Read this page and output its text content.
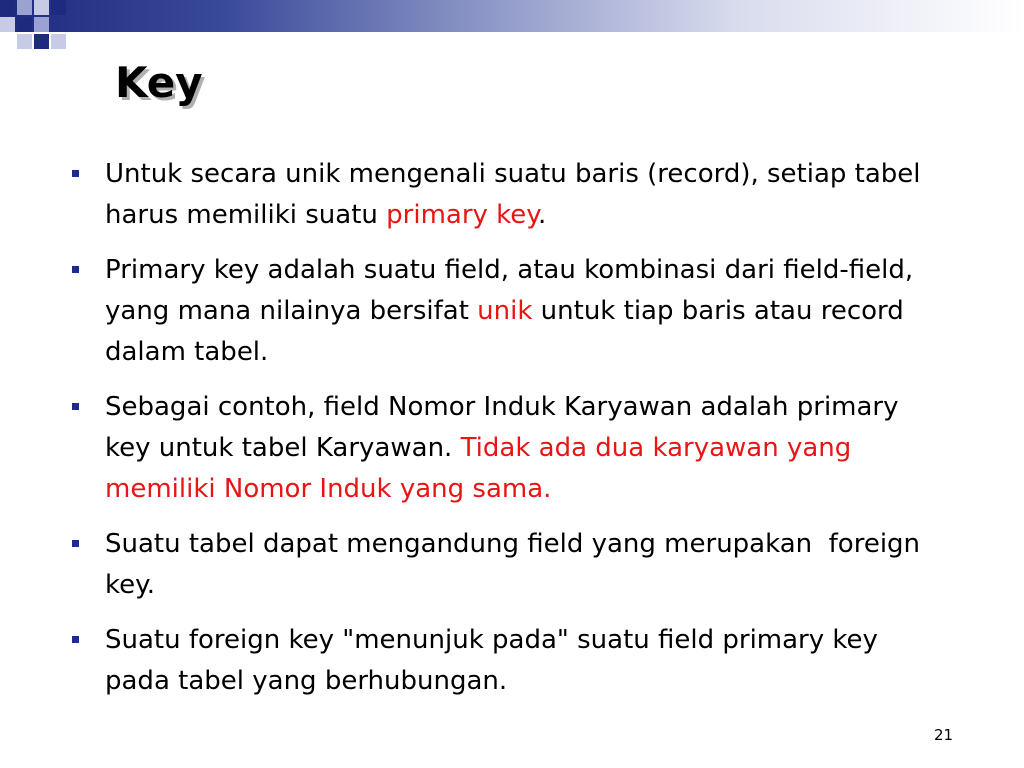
Key
Untuk secara unik mengenali suatu baris (record), setiap tabel harus memiliki suatu primary key.
Primary key adalah suatu field, atau kombinasi dari field-field, yang mana nilainya bersifat unik untuk tiap baris atau record dalam tabel.
Sebagai contoh, field Nomor Induk Karyawan adalah primary key untuk tabel Karyawan. Tidak ada dua karyawan yang memiliki Nomor Induk yang sama.
Suatu tabel dapat mengandung field yang merupakan  foreign key.
Suatu foreign key "menunjuk pada" suatu field primary key pada tabel yang berhubungan.
21
